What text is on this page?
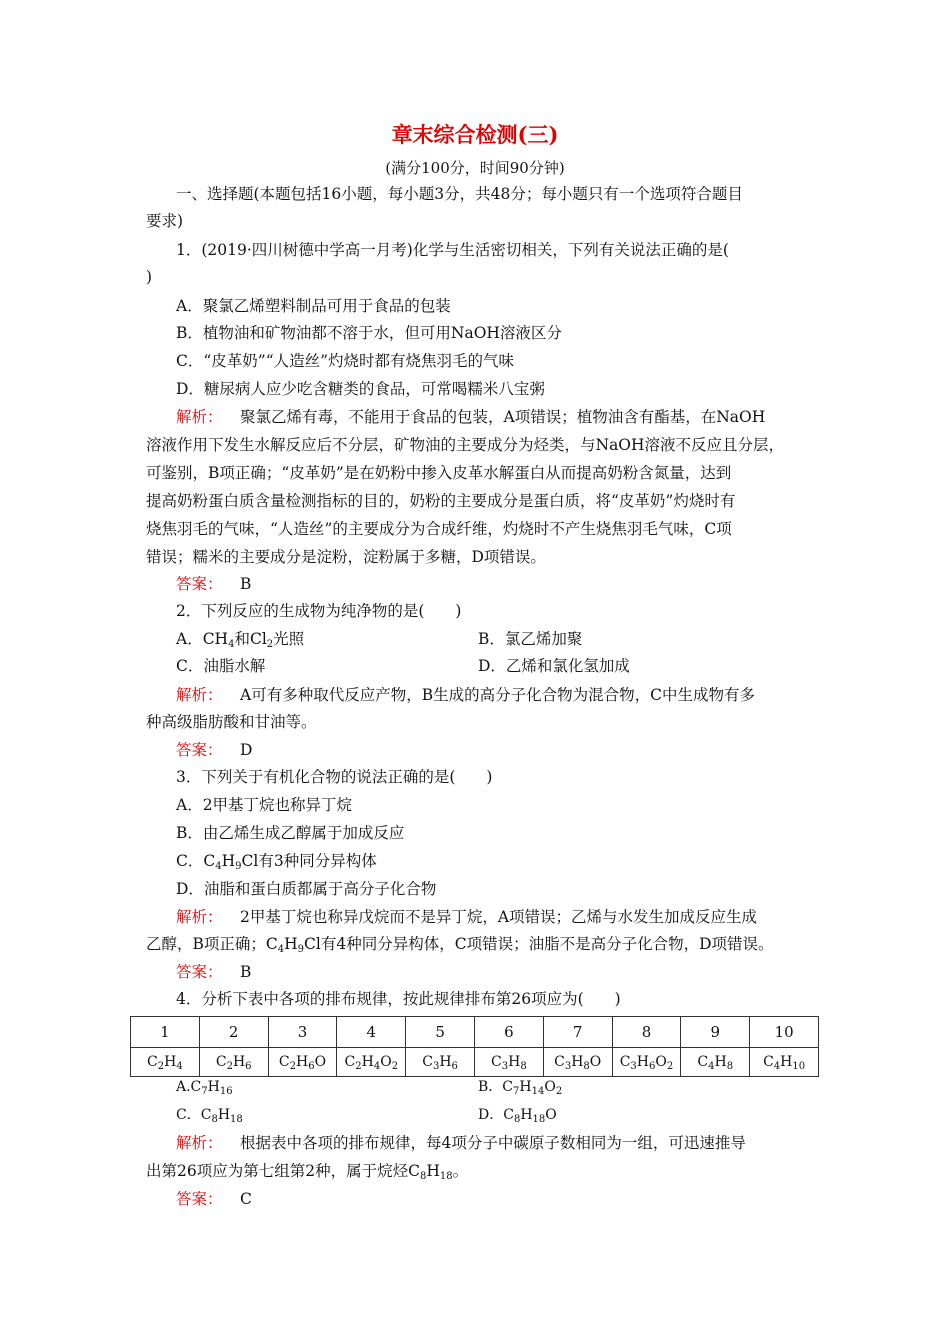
章末综合检测(三)
(满分100分，时间90分钟)
一、选择题(本题包括16小题，每小题3分，共48分；每小题只有一个选项符合题目
要求)
1．(2019·四川树德中学高一月考)化学与生活密切相关，下列有关说法正确的是(
)
A．聚氯乙烯塑料制品可用于食品的包装
B．植物油和矿物油都不溶于水，但可用NaOH溶液区分
C．“皮革奶”“人造丝”灼烧时都有烧焦羽毛的气味
D．糖尿病人应少吃含糖类的食品，可常喝糯米八宝粥
解析： 聚氯乙烯有毒，不能用于食品的包装，A项错误；植物油含有酯基，在NaOH
溶液作用下发生水解反应后不分层，矿物油的主要成分为烃类，与NaOH溶液不反应且分层，
可鉴别，B项正确；“皮革奶”是在奶粉中掺入皮革水解蛋白从而提高奶粉含氮量，达到
提高奶粉蛋白质含量检测指标的目的，奶粉的主要成分是蛋白质，将“皮革奶”灼烧时有
烧焦羽毛的气味，“人造丝”的主要成分为合成纤维，灼烧时不产生烧焦羽毛气味，C项
错误；糯米的主要成分是淀粉，淀粉属于多糖，D项错误。
答案： B
2．下列反应的生成物为纯净物的是(　　)
A．$CH_4$和$Cl_2$光照	B．氯乙烯加聚
C．油脂水解	D．乙烯和氯化氢加成
解析： A可有多种取代反应产物，B生成的高分子化合物为混合物，C中生成物有多
种高级脂肪酸和甘油等。
答案： D
3．下列关于有机化合物的说法正确的是(　　)
A．2甲基丁烷也称异丁烷
B．由乙烯生成乙醇属于加成反应
C．$C_4H_9Cl$有3种同分异构体
D．油脂和蛋白质都属于高分子化合物
解析： 2甲基丁烷也称异戊烷而不是异丁烷，A项错误；乙烯与水发生加成反应生成
乙醇，B项正确；$C_4H_9Cl$有4种同分异构体，C项错误；油脂不是高分子化合物，D项错误。
答案： B
4．分析下表中各项的排布规律，按此规律排布第26项应为(　　)
1	2	3	4	5	6	7	8	9	10
$C_2H_4$	$C_2H_6$	$C_2H_6O$	$C_2H_4O_2$	$C_3H_6$	$C_3H_8$	$C_3H_8O$	$C_3H_6O_2$	$C_4H_8$	$C_4H_{10}$
$A.C_7H_{16}$	B．$C_7H_{14}O_2$
C．$C_8H_{18}$	D．$C_8H_{18}O$
解析： 根据表中各项的排布规律，每4项分子中碳原子数相同为一组，可迅速推导
出第26项应为第七组第2种，属于烷烃$C_8H_{18}$。
答案： C
